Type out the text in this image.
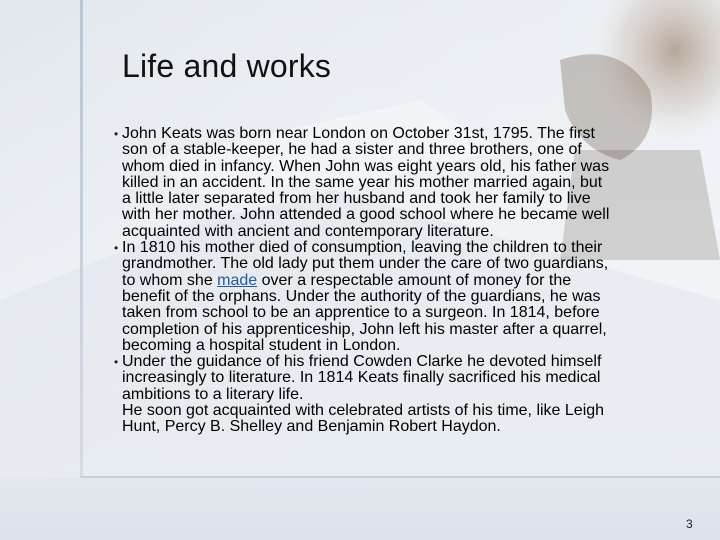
Life and works
• John Keats was born near London on October 31st, 1795. The first
son of a stable-keeper, he had a sister and three brothers, one of
whom died in infancy. When John was eight years old, his father was
killed in an accident. In the same year his mother married again, but
a little later separated from her husband and took her family to live
with her mother. John attended a good school where he became well
acquainted with ancient and contemporary literature.

• In 1810 his mother died of consumption, leaving the children to their
grandmother. The old lady put them under the care of two guardians,
to whom she made over a respectable amount of money for the
benefit of the orphans. Under the authority of the guardians, he was
taken from school to be an apprentice to a surgeon. In 1814, before
completion of his apprenticeship, John left his master after a quarrel,
becoming a hospital student in London.

• Under the guidance of his friend Cowden Clarke he devoted himself
increasingly to literature. In 1814 Keats finally sacrificed his medical
ambitions to a literary life.
He soon got acquainted with celebrated artists of his time, like Leigh
Hunt, Percy B. Shelley and Benjamin Robert Haydon.

3
